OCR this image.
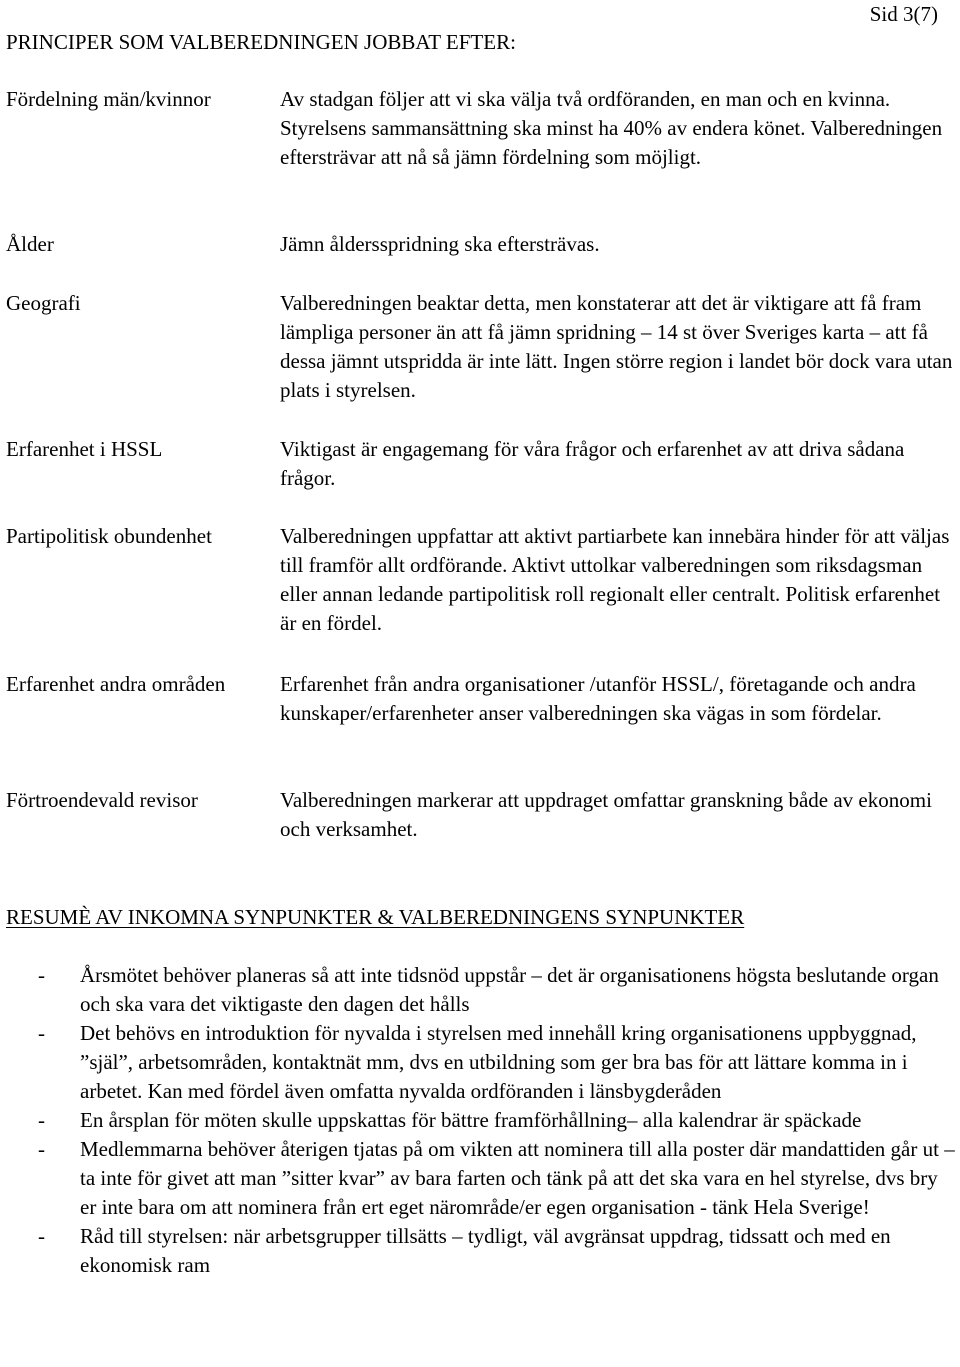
Sid 3(7)
PRINCIPER SOM VALBEREDNINGEN JOBBAT EFTER:
Fördelning män/kvinnor	Av stadgan följer att vi ska välja två ordföranden, en man och en kvinna. Styrelsens sammansättning ska minst ha 40% av endera könet. Valberedningen eftersträvar att nå så jämn fördelning som möjligt.

Ålder	Jämn åldersspridning ska eftersträvas.

Geografi	Valberedningen beaktar detta, men konstaterar att det är viktigare att få fram lämpliga personer än att få jämn spridning – 14 st över Sveriges karta – att få dessa jämnt utspridda är inte lätt. Ingen större region i landet bör dock vara utan plats i styrelsen.

Erfarenhet i HSSL	Viktigast är engagemang för våra frågor och erfarenhet av att driva sådana frågor.

Partipolitisk obundenhet	Valberedningen uppfattar att aktivt partiarbete kan innebära hinder för att väljas till framför allt ordförande. Aktivt uttolkar valberedningen som riksdagsman eller annan ledande partipolitisk roll regionalt eller centralt. Politisk erfarenhet är en fördel.

Erfarenhet andra områden	Erfarenhet från andra organisationer /utanför HSSL/, företagande och andra kunskaper/erfarenheter anser valberedningen ska vägas in som fördelar.

Förtroendevald revisor	Valberedningen markerar att uppdraget omfattar granskning både av ekonomi och verksamhet.

RESUMÈ AV INKOMNA SYNPUNKTER & VALBEREDNINGENS SYNPUNKTER
- Årsmötet behöver planeras så att inte tidsnöd uppstår – det är organisationens högsta beslutande organ och ska vara det viktigaste den dagen det hålls
- Det behövs en introduktion för nyvalda i styrelsen med innehåll kring organisationens uppbyggnad, ”själ”, arbetsområden, kontaktnät mm, dvs en utbildning som ger bra bas för att lättare komma in i arbetet. Kan med fördel även omfatta nyvalda ordföranden i länsbygderåden
- En årsplan för möten skulle uppskattas för bättre framförhållning– alla kalendrar är späckade
- Medlemmarna behöver återigen tjatas på om vikten att nominera till alla poster där mandattiden går ut – ta inte för givet att man ”sitter kvar” av bara farten och tänk på att det ska vara en hel styrelse, dvs bry er inte bara om att nominera från ert eget närområde/er egen organisation - tänk Hela Sverige!
- Råd till styrelsen: när arbetsgrupper tillsätts – tydligt, väl avgränsat uppdrag, tidssatt och med en ekonomisk ram
